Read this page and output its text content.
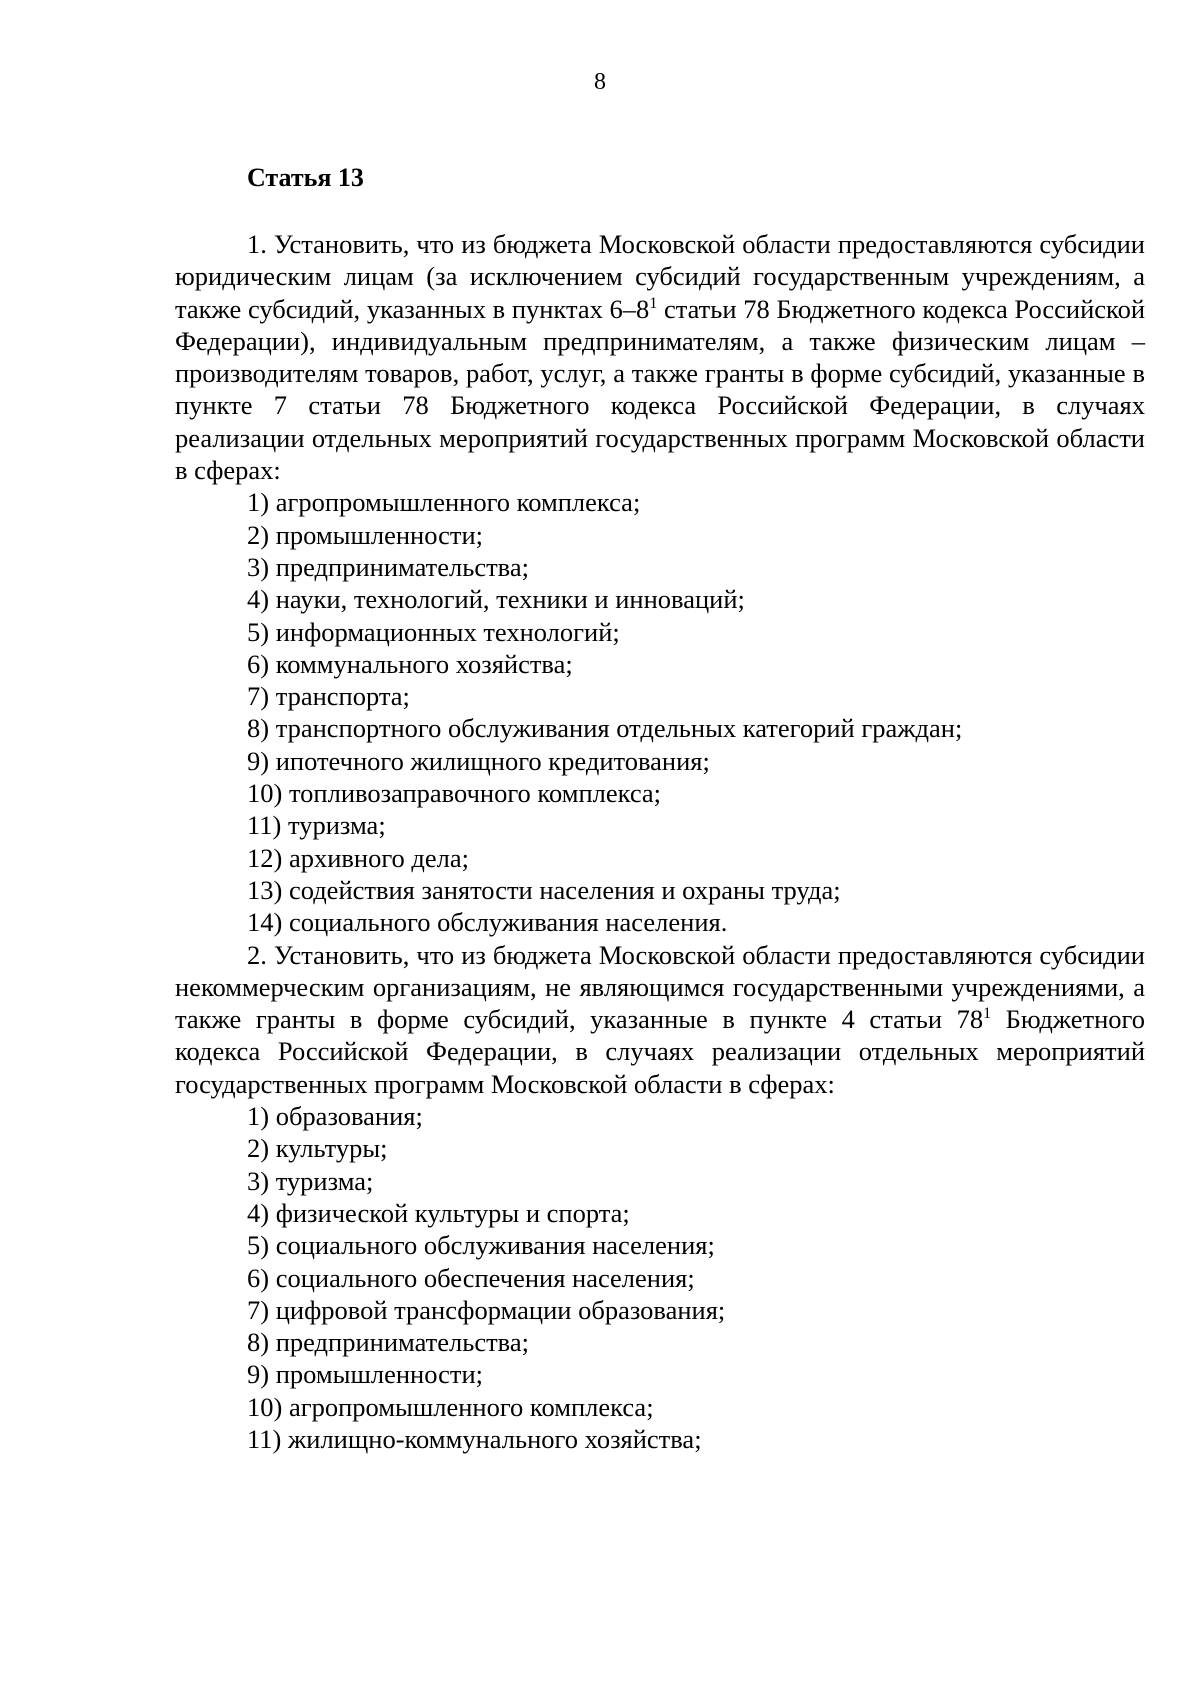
8
Статья 13

1. Установить, что из бюджета Московской области предоставляются субсидии юридическим лицам (за исключением субсидий государственным учреждениям, а также субсидий, указанных в пунктах $6-8^1$ статьи 78 Бюджетного кодекса Российской Федерации), индивидуальным предпринимателям, а также физическим лицам – производителям товаров, работ, услуг, а также гранты в форме субсидий, указанные в пункте 7 статьи 78 Бюджетного кодекса Российской Федерации, в случаях реализации отдельных мероприятий государственных программ Московской области в сферах:

1) агропромышленного комплекса;

2) промышленности;

3) предпринимательства;

4) науки, технологий, техники и инноваций;

5) информационных технологий;

6) коммунального хозяйства;

7) транспорта;

8) транспортного обслуживания отдельных категорий граждан;

9) ипотечного жилищного кредитования;

10) топливозаправочного комплекса;

11) туризма;

12) архивного дела;

13) содействия занятости населения и охраны труда;

14) социального обслуживания населения.

2. Установить, что из бюджета Московской области предоставляются субсидии некоммерческим организациям, не являющимся государственными учреждениями, а также гранты в форме субсидий, указанные в пункте 4 статьи $78^1$ Бюджетного кодекса Российской Федерации, в случаях реализации отдельных мероприятий государственных программ Московской области в сферах:

1) образования;

2) культуры;

3) туризма;

4) физической культуры и спорта;

5) социального обслуживания населения;

6) социального обеспечения населения;

7) цифровой трансформации образования;

8) предпринимательства;

9) промышленности;

10) агропромышленного комплекса;

11) жилищно-коммунального хозяйства;
